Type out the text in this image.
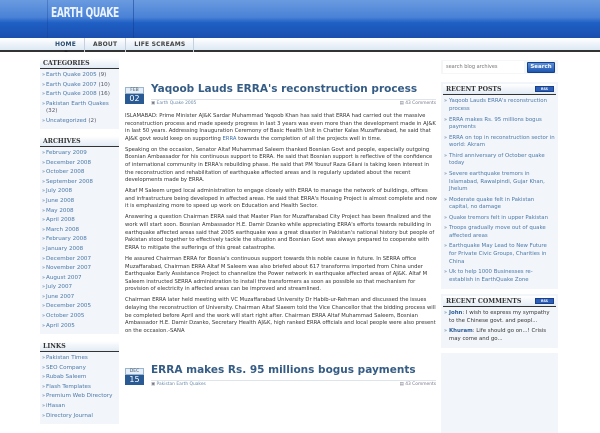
EARTH QUAKE
HOME	ABOUT	LIFE SCREAMS
CATEGORIES
» Earth Quake 2005 (9)
» Earth Quake 2007 (10)
» Earth Quake 2008 (16)
» Pakistan Earth Quakes (32)
» Uncategorized (2)
ARCHIVES
» February 2009
» December 2008
» October 2008
» September 2008
» July 2008
» June 2008
» May 2008
» April 2008
» March 2008
» February 2008
» January 2008
» December 2007
» November 2007
» August 2007
» July 2007
» June 2007
» December 2005
» October 2005
» April 2005
LINKS
» Pakistan Times
» SEO Company
» Rubab Saleem
» Flash Templates
» Premium Web Directory
» iHasan
» Directory Journal
FEB
02
Yaqoob Lauds ERRA's reconstruction process
▣ Earth Quake 2005	▤ 43 Comments

ISLAMABAD: Prime Minister AJ&K Sardar Muhammad Yaqoob Khan has said that ERRA had carried out the massive reconstruction process and made speedy progress in last 3 years was even more than the development made in AJ&K in last 50 years. Addressing Inauguration Ceremony of Basic Health Unit in Chatter Kalas Muzaffarabad, he said that AJ&K govt would keep on supporting ERRA towards the completion of all the projects well in time.

Speaking on the occasion, Senator Altaf Muhammad Saleem thanked Bosnian Govt and people, especially outgoing Bosnian Ambassador for his continuous support to ERRA. He said that Bosnian support is reflective of the confidence of international community in ERRA's rebuilding phase. He said that PM Yousuf Raza Gilani is taking keen interest in the reconstruction and rehabilitation of earthquake affected areas and is regularly updated about the recent developments made by ERRA.

Altaf M Saleem urged local administration to engage closely with ERRA to manage the network of buildings, offices and infrastructure being developed in affected areas. He said that ERRA's Housing Project is almost complete and now it is emphasizing more to speed up work on Education and Health Sector.

Answering a question Chairman ERRA said that Master Plan for Muzaffarabad City Project has been finalized and the work will start soon. Bosnian Ambassador H.E. Damir Dzanko while appreciating ERRA's efforts towards rebuilding in earthquake affected areas said that 2005 earthquake was a great disaster in Pakistan's national history but people of Pakistan stood together to effectively tackle the situation and Bosnian Govt was always prepared to cooperate with ERRA to mitigate the sufferings of this great catastrophe.

He assured Chairman ERRA for Bosnia's continuous support towards this noble cause in future. In SERRA office Muzaffarabad, Chairman ERRA Altaf M Saleem was also briefed about 617 transforms imported from China under Earthquake Early Assistance Project to channelize the Power network in earthquake affected areas of AJ&K. Altaf M Saleem instructed SERRA administration to install the transformers as soon as possible so that mechanism for provision of electricity in affected areas can be improved and streamlined.

Chairman ERRA later held meeting with VC Muzaffarabad University Dr Habib-ur-Rehman and discussed the issues delaying the reconstruction of University. Chairman Altaf Slaeem told the Vice Chancellor that the bidding process will be completed before April and the work will start right after. Chairman ERRA Altaf Muhammad Saleem, Bosnian Ambassador H.E. Damir Dzanko, Secretary Health AJ&K, high ranked ERRA officials and local people were also present on the occasion.-SANA

DEC
15
ERRA makes Rs. 95 millions bogus payments
▣ Pakistan Earth Quakes	▤ 43 Comments
search blog archives
Search
RECENT POSTS	RSS
» Yaqoob Lauds ERRA's reconstruction process
» ERRA makes Rs. 95 millions bogus payments
» ERRA on top in reconstruction sector in world: Akram
» Third anniversary of October quake today
» Severe earthquake tremors in Islamabad, Rawalpindi, Gujar Khan, Jhelum
» Moderate quake felt in Pakistan capital, no damage
» Quake tremors felt in upper Pakistan
» Troops gradually move out of quake affected areas
» Earthquake May Lead to New Future for Private Civic Groups, Charities in China
» Uk to help 1000 Businesses re-establish in EarthQuake Zone
RECENT COMMENTS	RSS
» John: I wish to express my sympathy to the Chinese govt. and peopl...
» Khuram: Life should go on...! Crisis may come and go...
